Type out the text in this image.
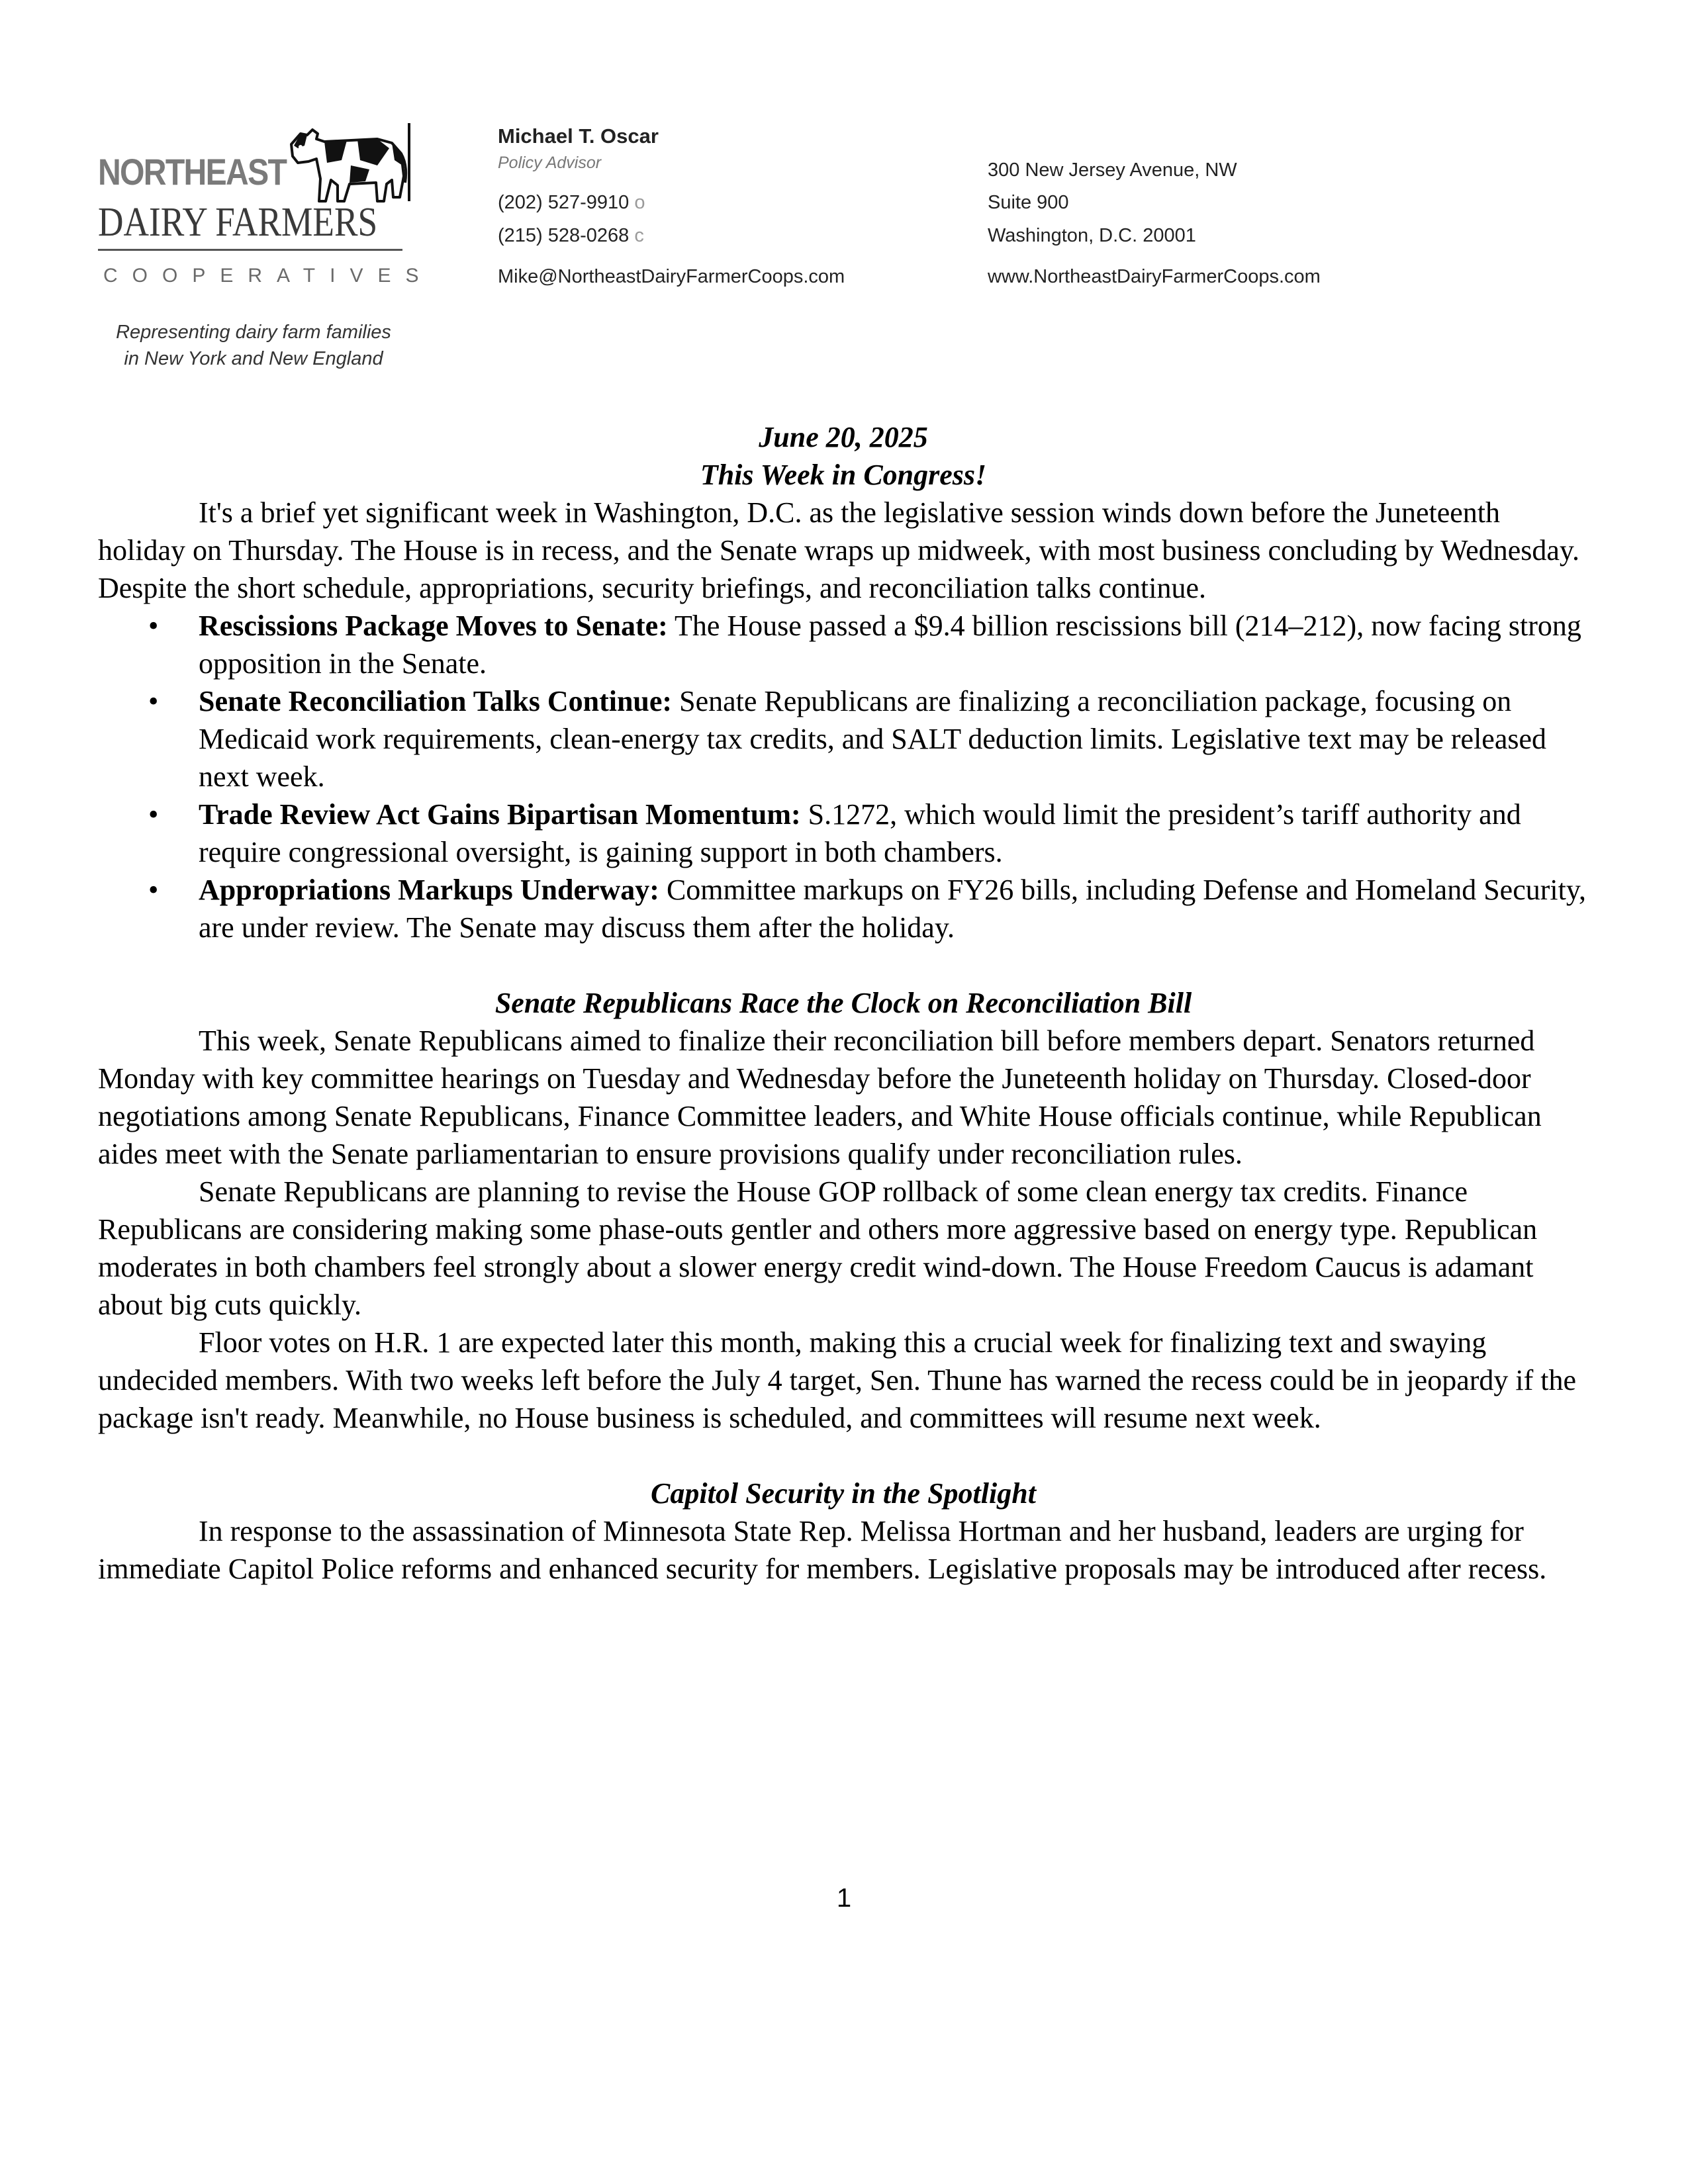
NORTHEAST
DAIRY FARMERS
COOPERATIVES
Representing dairy farm families
in New York and New England
Michael T. Oscar
Policy Advisor
(202) 527-9910 o
(215) 528-0268 c
Mike@NortheastDairyFarmerCoops.com
300 New Jersey Avenue, NW
Suite 900
Washington, D.C. 20001
www.NortheastDairyFarmerCoops.com

June 20, 2025

This Week in Congress!

It's a brief yet significant week in Washington, D.C. as the legislative session winds down before the Juneteenth holiday on Thursday. The House is in recess, and the Senate wraps up midweek, with most business concluding by Wednesday. Despite the short schedule, appropriations, security briefings, and reconciliation talks continue.

• Rescissions Package Moves to Senate: The House passed a $9.4 billion rescissions bill (214–212), now facing strong opposition in the Senate.
• Senate Reconciliation Talks Continue: Senate Republicans are finalizing a reconciliation package, focusing on Medicaid work requirements, clean-energy tax credits, and SALT deduction limits. Legislative text may be released next week.
• Trade Review Act Gains Bipartisan Momentum: S.1272, which would limit the president’s tariff authority and require congressional oversight, is gaining support in both chambers.
• Appropriations Markups Underway: Committee markups on FY26 bills, including Defense and Homeland Security, are under review. The Senate may discuss them after the holiday.

Senate Republicans Race the Clock on Reconciliation Bill

This week, Senate Republicans aimed to finalize their reconciliation bill before members depart. Senators returned Monday with key committee hearings on Tuesday and Wednesday before the Juneteenth holiday on Thursday. Closed-door negotiations among Senate Republicans, Finance Committee leaders, and White House officials continue, while Republican aides meet with the Senate parliamentarian to ensure provisions qualify under reconciliation rules.

Senate Republicans are planning to revise the House GOP rollback of some clean energy tax credits. Finance Republicans are considering making some phase-outs gentler and others more aggressive based on energy type. Republican moderates in both chambers feel strongly about a slower energy credit wind-down. The House Freedom Caucus is adamant about big cuts quickly.

Floor votes on H.R. 1 are expected later this month, making this a crucial week for finalizing text and swaying undecided members. With two weeks left before the July 4 target, Sen. Thune has warned the recess could be in jeopardy if the package isn't ready. Meanwhile, no House business is scheduled, and committees will resume next week.

Capitol Security in the Spotlight

In response to the assassination of Minnesota State Rep. Melissa Hortman and her husband, leaders are urging for immediate Capitol Police reforms and enhanced security for members. Legislative proposals may be introduced after recess.

1
